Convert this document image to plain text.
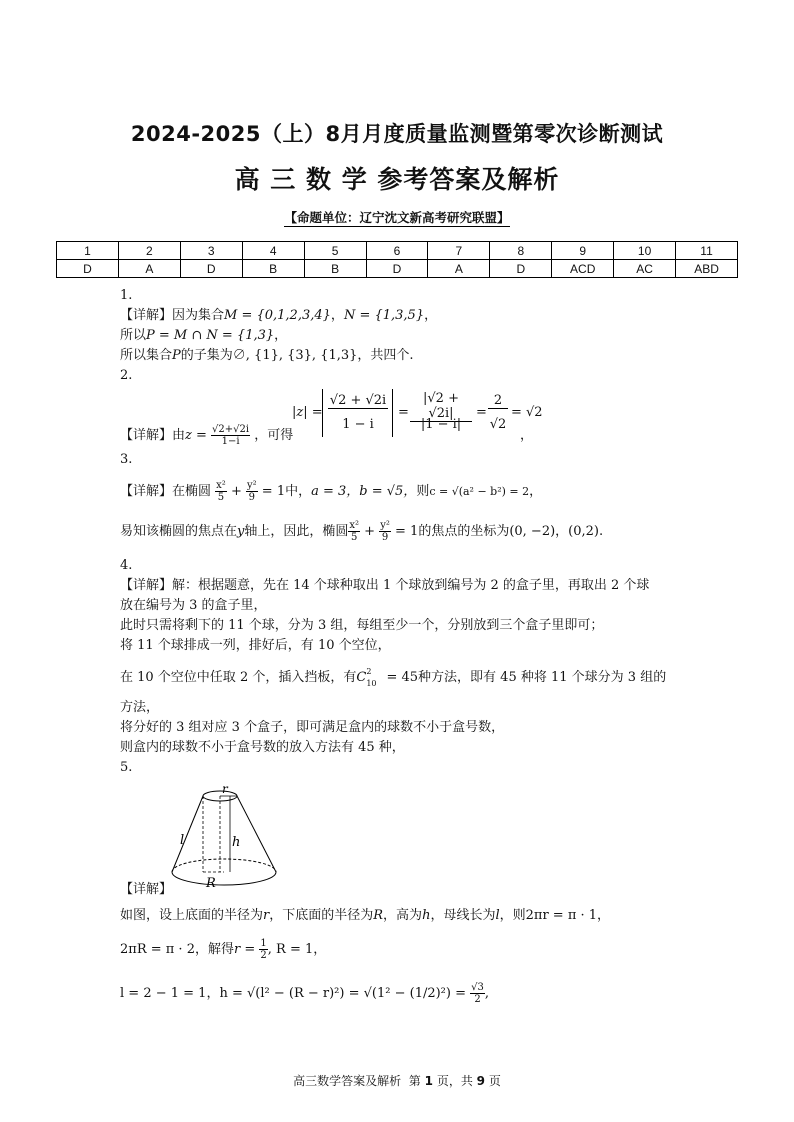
2024-2025（上）8月月度质量监测暨第零次诊断测试
高 三 数 学 参考答案及解析
【命题单位：辽宁沈文新高考研究联盟】
1	2	3	4	5	6	7	8	9	10	11
D	A	D	B	B	D	A	D	ACD	AC	ABD
1.
【详解】因为集合M = {0,1,2,3,4}，N = {1,3,5}，
所以P = M ∩ N = {1,3}，
所以集合P的子集为∅, {1}, {3}, {1,3}，共四个.
2.
【详解】由$z = \frac{√2+√2i}{1-i}$ ，可得
|z| =
√2 + √2i
1 − i
=
|√2 + √2i|
|1 − i|
=
2
√2
= √2
，
3.
【详解】在椭圆 $\frac{\text{x²}}{5} + \frac{\text{y²}}{9} = 1$中，a = 3，b = √5，则c = √(a² − b²) = 2，
易知该椭圆的焦点在y轴上，因此，椭圆 $\frac{\text{x²}}{5} + \frac{\text{y²}}{9} = 1$的焦点的坐标为(0, −2)，(0,2).
4.
【详解】解：根据题意，先在 14 个球种取出 1 个球放到编号为 2 的盒子里，再取出 2 个球
放在编号为 3 的盒子里，
此时只需将剩下的 11 个球，分为 3 组，每组至少一个，分别放到三个盒子里即可；
将 11 个球排成一列，排好后，有 10 个空位，
在 10 个空位中任取 2 个，插入挡板，有C 2
10 = 45种方法，即有 45 种将 11 个球分为 3 组的
方法，
将分好的 3 组对应 3 个盒子，即可满足盒内的球数不小于盒号数，
则盒内的球数不小于盒号数的放入方法有 45 种，
5.
r
l	h
R
【详解】
如图，设上底面的半径为r，下底面的半径为R，高为h，母线长为l，则2πr = π · 1，
2πR = π · 2，解得$r = \frac{1}{2}$ , R = 1，
l = 2 − 1 = 1，$h = √(l^2 - (R - r)^2) = √(1^2 - (1/2)^2) = \frac{√3}{2}$ ,
高三数学答案及解析 第 1 页，共 9 页
